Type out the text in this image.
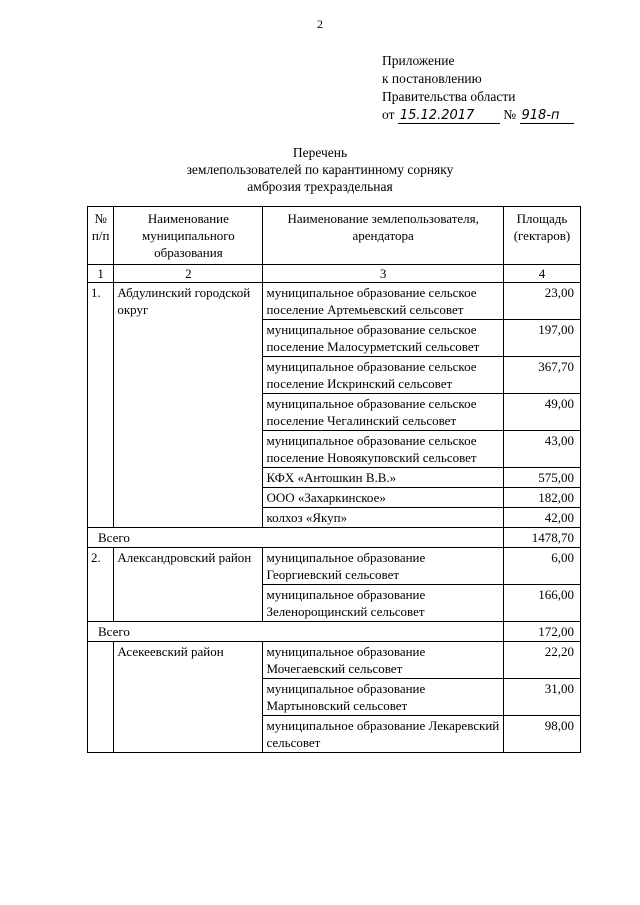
2
Приложение
к постановлению
Правительства области
от 15.12.2017 № 918-п
Перечень
землепользователей по карантинному сорняку
амброзия трехраздельная
№ п/п	Наименование муниципального образования	Наименование землепользователя, арендатора	Площадь (гектаров)
1	2	3	4
1.	Абдулинский городской округ	муниципальное образование сельское поселение Артемьевский сельсовет	23,00
		муниципальное образование сельское поселение Малосурметский сельсовет	197,00
		муниципальное образование сельское поселение Искринский сельсовет	367,70
		муниципальное образование сельское поселение Чегалинский сельсовет	49,00
		муниципальное образование сельское поселение Новоякуповский сельсовет	43,00
		КФХ «Антошкин В.В.»	575,00
		ООО «Захаркинское»	182,00
		колхоз «Якуп»	42,00
Всего			1478,70
2.	Александровский район	муниципальное образование Георгиевский сельсовет	6,00
		муниципальное образование Зеленорощинский сельсовет	166,00
Всего			172,00
	Асекеевский район	муниципальное образование Мочегаевский сельсовет	22,20
		муниципальное образование Мартыновский сельсовет	31,00
		муниципальное образование Лекаревский сельсовет	98,00
